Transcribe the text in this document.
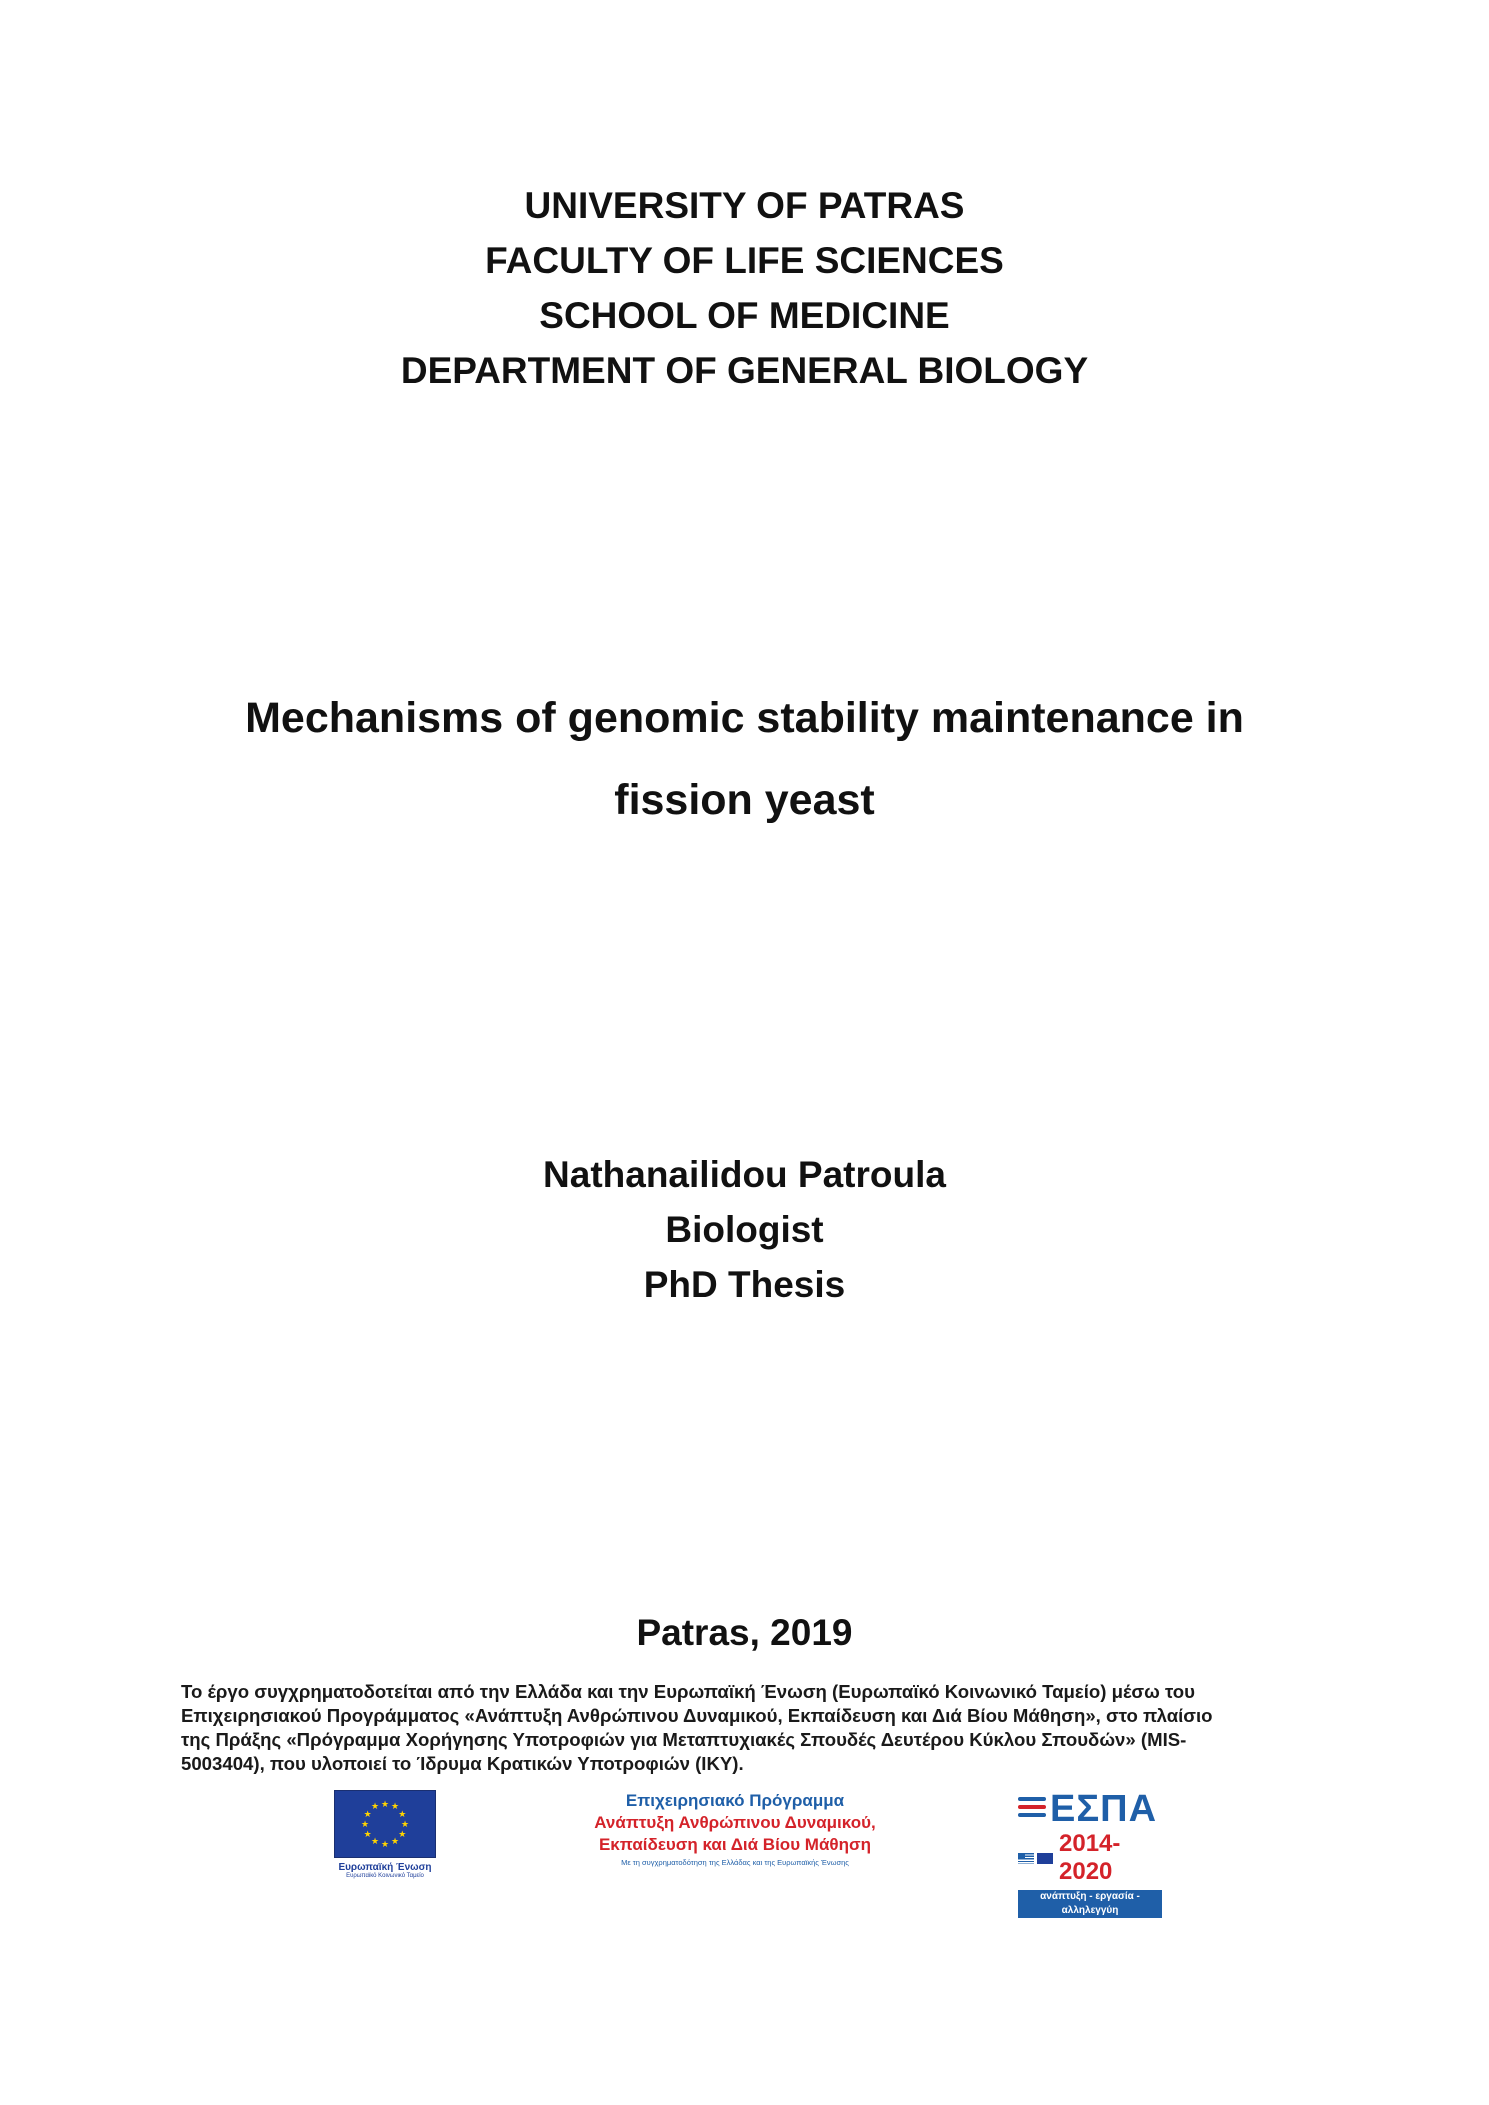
UNIVERSITY OF PATRAS
FACULTY OF LIFE SCIENCES
SCHOOL OF MEDICINE
DEPARTMENT OF GENERAL BIOLOGY
Mechanisms of genomic stability maintenance in
fission yeast
Nathanailidou Patroula
Biologist
PhD Thesis
Patras, 2019
Το έργο συγχρηματοδοτείται από την Ελλάδα και την Ευρωπαϊκή Ένωση (Ευρωπαϊκό Κοινωνικό Ταμείο) μέσω του
Επιχειρησιακού Προγράμματος «Ανάπτυξη Ανθρώπινου Δυναμικού, Εκπαίδευση και Διά Βίου Μάθηση», στο πλαίσιο
της Πράξης «Πρόγραμμα Χορήγησης Υποτροφιών για Μεταπτυχιακές Σπουδές Δευτέρου Κύκλου Σπουδών» (MIS-
5003404), που υλοποιεί το Ίδρυμα Κρατικών Υποτροφιών (ΙΚΥ).
★ ★
★
★
★
★
★
★
★
★
★
★
Ευρωπαϊκή Ένωση
Ευρωπαϊκό Κοινωνικό Ταμείο
Επιχειρησιακό Πρόγραμμα
Ανάπτυξη Ανθρώπινου Δυναμικού,
Εκπαίδευση και Διά Βίου Μάθηση
Με τη συγχρηματοδότηση της Ελλάδας και της Ευρωπαϊκής Ένωσης
ΕΣΠΑ
2014-2020
ανάπτυξη - εργασία - αλληλεγγύη
